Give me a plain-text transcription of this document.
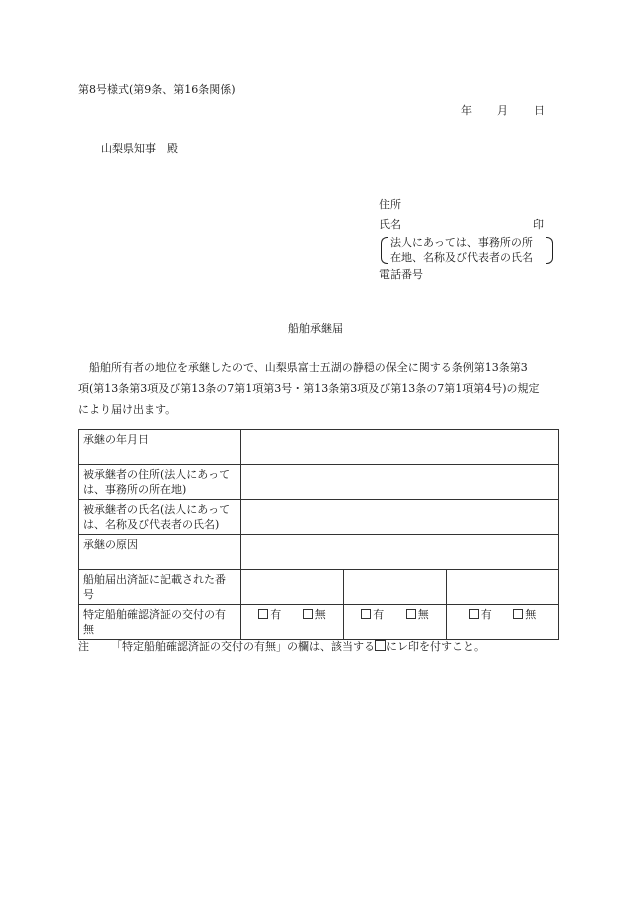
第8号様式(第9条、第16条関係)
年 月 日
山梨県知事　殿
住所
氏名	印
法人にあっては、事務所の所
在地、名称及び代表者の氏名
電話番号
船舶承継届
船舶所有者の地位を承継したので、山梨県富士五湖の静穏の保全に関する条例第13条第3
項(第13条第3項及び第13条の7第1項第3号・第13条第3項及び第13条の7第1項第4号)の規定
により届け出ます。
承継の年月日			
被承継者の住所(法人にあっては、事務所の所在地)			
被承継者の氏名(法人にあっては、名称及び代表者の氏名)			
承継の原因			
船舶届出済証に記載された番号			
特定船舶確認済証の交付の有無	有 無	有 無	有 無
注 「特定船舶確認済証の交付の有無」の欄は、該当する にレ印を付すこと。
